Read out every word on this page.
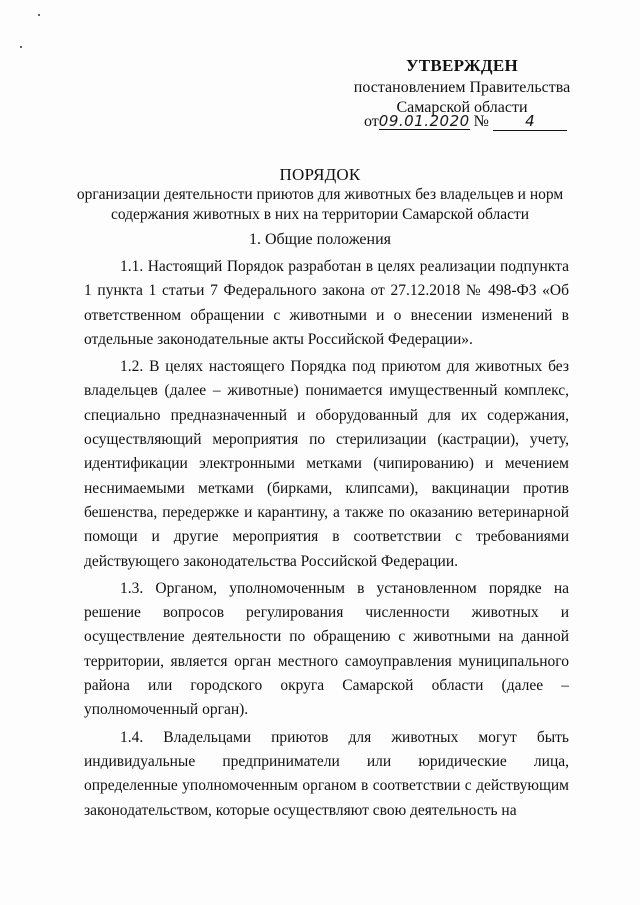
УТВЕРЖДЕН
постановлением Правительства
Самарской области
от09.01.2020 № 4
ПОРЯДОК
организации деятельности приютов для животных без владельцев и норм содержания животных в них на территории Самарской области
1. Общие положения

1.1. Настоящий Порядок разработан в целях реализации подпункта 1 пункта 1 статьи 7 Федерального закона от 27.12.2018 № 498-ФЗ «Об ответственном обращении с животными и о внесении изменений в отдельные законодательные акты Российской Федерации».

1.2. В целях настоящего Порядка под приютом для животных без владельцев (далее – животные) понимается имущественный комплекс, специально предназначенный и оборудованный для их содержания, осуществляющий мероприятия по стерилизации (кастрации), учету, идентификации электронными метками (чипированию) и мечением неснимаемыми метками (бирками, клипсами), вакцинации против бешенства, передержке и карантину, а также по оказанию ветеринарной помощи и другие мероприятия в соответствии с требованиями действующего законодательства Российской Федерации.

1.3. Органом, уполномоченным в установленном порядке на решение вопросов регулирования численности животных и осуществление деятельности по обращению с животными на данной территории, является орган местного самоуправления муниципального района или городского округа Самарской области (далее – уполномоченный орган).

1.4. Владельцами приютов для животных могут быть индивидуальные предприниматели или юридические лица, определенные уполномоченным органом в соответствии с действующим законодательством, которые осуществляют свою деятельность на
